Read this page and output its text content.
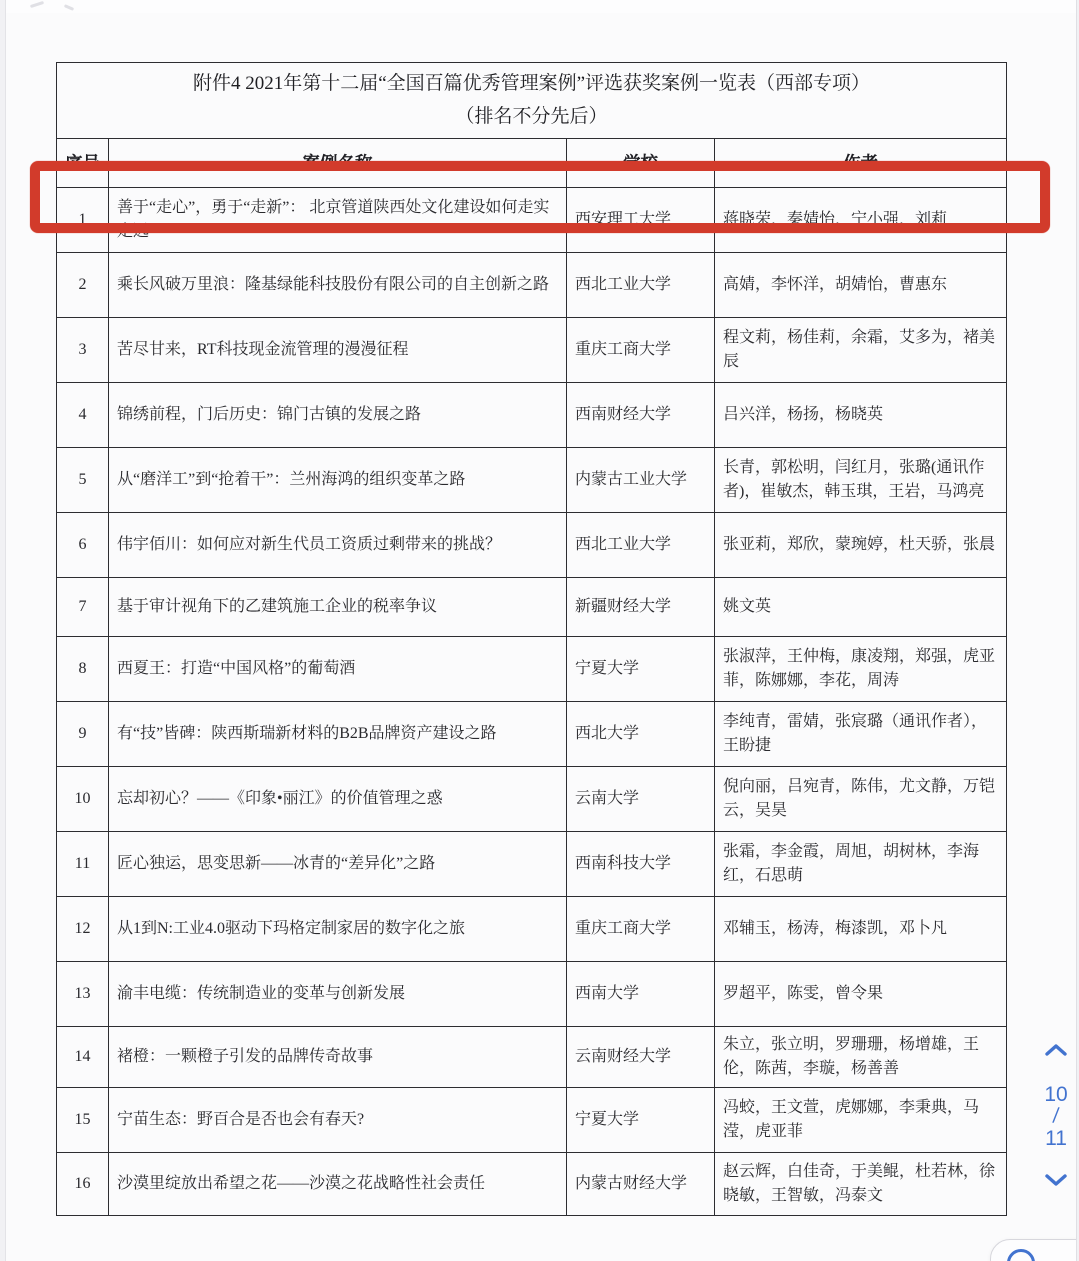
附件4 2021年第十二届“全国百篇优秀管理案例”评选获奖案例一览表（西部专项）
（排名不分先后）			

序号	案例名称	学校	作者
1	善于“走心”，勇于“走新”： 北京管道陕西处文化建设如何走实走远	西安理工大学	蒋晓荣，秦婧怡，宁小强，刘莉
2	乘长风破万里浪：隆基绿能科技股份有限公司的自主创新之路	西北工业大学	高婧，李怀洋，胡婧怡，曹惠东
3	苦尽甘来，RT科技现金流管理的漫漫征程	重庆工商大学	程文莉，杨佳莉，余霜，艾多为，褚美辰
4	锦绣前程，门后历史：锦门古镇的发展之路	西南财经大学	吕兴洋，杨扬，杨晓英
5	从“磨洋工”到“抢着干”：兰州海鸿的组织变革之路	内蒙古工业大学	长青，郭松明，闫红月，张璐(通讯作者)，崔敏杰，韩玉琪，王岩，马鸿亮
6	伟宇佰川：如何应对新生代员工资质过剩带来的挑战？	西北工业大学	张亚莉，郑欣，蒙琬婷，杜天骄，张晨
7	基于审计视角下的乙建筑施工企业的税率争议	新疆财经大学	姚文英
8	西夏王：打造“中国风格”的葡萄酒	宁夏大学	张淑萍，王仲梅，康凌翔，郑强，虎亚菲，陈娜娜，李花，周涛
9	有“技”皆碑：陕西斯瑞新材料的B2B品牌资产建设之路	西北大学	李纯青，雷婧，张宸璐（通讯作者），王盼捷
10	忘却初心？——《印象•丽江》的价值管理之惑	云南大学	倪向丽，吕宛青，陈伟，尤文静，万铠云，吴昊
11	匠心独运，思变思新——冰青的“差异化”之路	西南科技大学	张霜，李金霞，周旭，胡树林，李海红，石思萌
12	从1到N:工业4.0驱动下玛格定制家居的数字化之旅	重庆工商大学	邓辅玉，杨涛，梅漆凯，邓卜凡
13	渝丰电缆：传统制造业的变革与创新发展	西南大学	罗超平，陈雯，曾令果
14	褚橙：一颗橙子引发的品牌传奇故事	云南财经大学	朱立，张立明，罗珊珊，杨增雄，王伦，陈茜，李璇，杨善善
15	宁苗生态：野百合是否也会有春天?	宁夏大学	冯蛟，王文萱，虎娜娜，李秉典，马滢，虎亚菲
16	沙漠里绽放出希望之花——沙漠之花战略性社会责任	内蒙古财经大学	赵云辉，白佳奇，于美鲲，杜若林，徐晓敏，王智敏，冯泰文
10
/
11
